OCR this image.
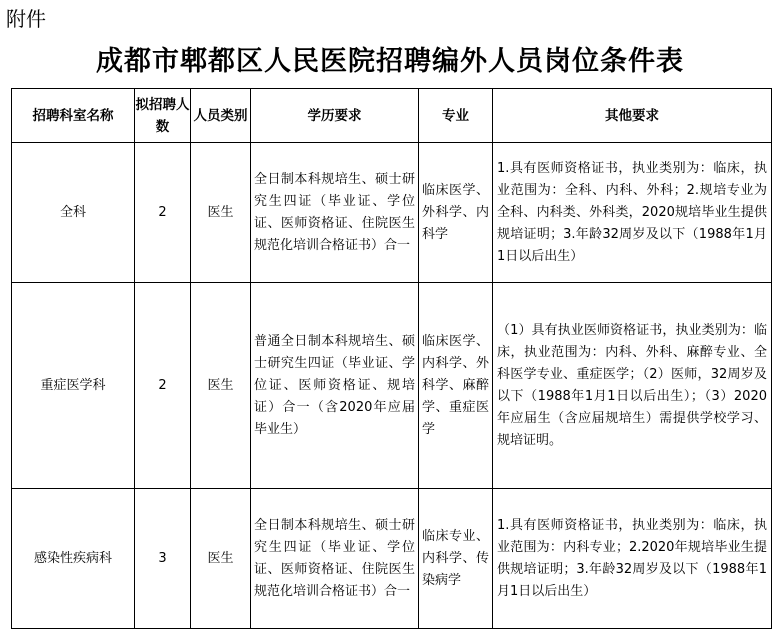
附件
成都市郫都区人民医院招聘编外人员岗位条件表
招聘科室名称	拟招聘人数	人员类别	学历要求	专业	其他要求
全科	2	医生	全日制本科规培生、硕士研究生四证（毕业证、学位证、医师资格证、住院医生规范化培训合格证书）合一	临床医学、外科学、内科学	1.具有医师资格证书，执业类别为：临床，执业范围为：全科、内科、外科；2.规培专业为全科、内科类、外科类，2020规培毕业生提供规培证明；3.年龄32周岁及以下（1988年1月1日以后出生）
重症医学科	2	医生	普通全日制本科规培生、硕士研究生四证（毕业证、学位证、医师资格证、规培证）合一（含2020年应届毕业生）	临床医学、内科学、外科学、麻醉学、重症医学	（1）具有执业医师资格证书，执业类别为：临床，执业范围为：内科、外科、麻醉专业、全科医学专业、重症医学；（2）医师，32周岁及以下（1988年1月1日以后出生）；（3）2020年应届生（含应届规培生）需提供学校学习、规培证明。
感染性疾病科	3	医生	全日制本科规培生、硕士研究生四证（毕业证、学位证、医师资格证、住院医生规范化培训合格证书）合一	临床专业、内科学、传染病学	1.具有医师资格证书，执业类别为：临床，执业范围为：内科专业；2.2020年规培毕业生提供规培证明；3.年龄32周岁及以下（1988年1月1日以后出生）
